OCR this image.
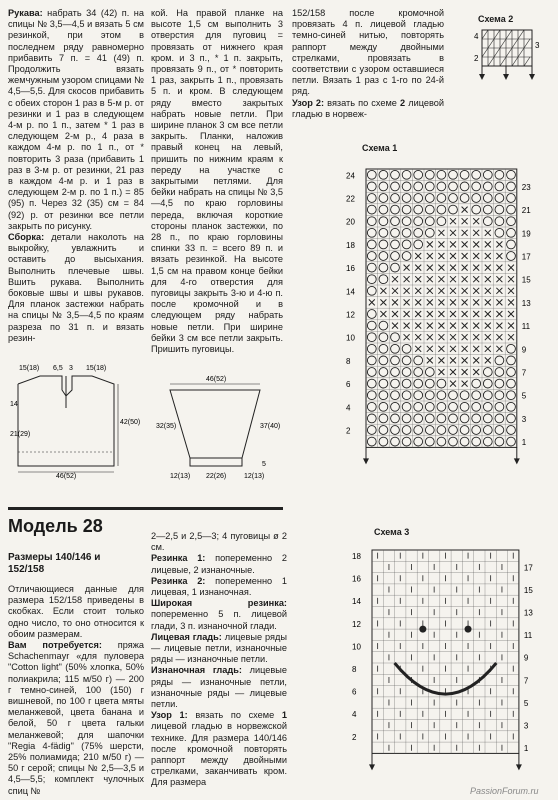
Рукава: набрать 34 (42) п. на спицы № 3,5—4,5 и вязать 5 см резинкой, при этом в последнем ряду равномерно прибавить 7 п. = 41 (49) п. Продолжить вязать жемчужным узором спицами № 4,5—5,5. Для скосов прибавить с обеих сторон 1 раз в 5-м р. от резинки и 1 раз в следующем 4-м р. по 1 п., затем * 1 раз в следующем 2-м р., 4 раза в каждом 4-м р. по 1 п., от * повторить 3 раза (прибавить 1 раз в 3-м р. от резинки, 21 раз в каждом 4-м р. и 1 раз в следующем 2-м р. по 1 п.) = 85 (95) п. Через 32 (35) см = 84 (92) р. от резинки все петли закрыть по рисунку.

Сборка: детали наколоть на выкройку, увлажнить и оставить до высыхания. Выполнить плечевые швы. Вшить рукава. Выполнить боковые швы и швы рукавов. Для планок застежки набрать на спицы № 3,5—4,5 по краям разреза по 31 п. и вязать резин-

кой. На правой планке на высоте 1,5 см выполнить 3 отверстия для пуговиц = провязать от нижнего края кром. и 3 п., * 1 п. закрыть, провязать 9 п., от * повторить 1 раз, закрыть 1 п., провязать 5 п. и кром. В следующем ряду вместо закрытых набрать новые петли. При ширине планок 3 см все петли закрыть. Планки, наложив правый конец на левый, пришить по нижним краям к переду на участке с закрытыми петлями. Для бейки набрать на спицы № 3,5—4,5 по краю горловины переда, включая короткие стороны планок застежки, по 28 п., по краю горловины спинки 33 п. = всего 89 п. и вязать резинкой. На высоте 1,5 см на правом конце бейки для 4-го отверстия для пуговицы закрыть 3-ю и 4-ю п. после кромочной и в следующем ряду набрать новые петли. При ширине бейки 3 см все петли закрыть. Пришить пуговицы.

152/158 после кромочной провязать 4 п. лицевой гладью темно-синей нитью, повторять раппорт между двойными стрелками, провязать в соответствии с узором оставшиеся петли. Вязать 1 раз с 1-го по 24-й ряд.

Узор 2: вязать по схеме 2 лицевой гладью в норвеж-

Схема 2
4
2
3
15(18) 6,5 3 15(18)
14
21(29)
42(50)
46(52)
46(52)
32(35)	37(40)
12(13) 22(26)	12(13)
5
Схема 1
2
4
6
8
10
12
14
16
18
20
22
24
1
3
5
7
9
11
13
15
17
19
21
23
Модель 28
Размеры 140/146 и 152/158

Отличающиеся данные для размера 152/158 приведены в скобках. Если стоит только одно число, то оно относится к обоим размерам.

Вам потребуется: пряжа Schachenmayr «для пуловера "Cotton light" (50% хлопка, 50% полиакрила; 115 м/50 г) — 200 г темно-синей, 100 (150) г вишневой, по 100 г цвета мяты меланжевой, цвета банана и белой, 50 г цвета гальки меланжевой; для шапочки "Regia 4-fädig" (75% шерсти, 25% полиамида; 210 м/50 г) — 50 г серой; спицы № 2,5—3,5 и 4,5—5,5; комплект чулочных спиц №

2—2,5 и 2,5—3; 4 пуговицы ø 2 см.

Резинка 1: попеременно 2 лицевые, 2 изнаночные.

Резинка 2: попеременно 1 лицевая, 1 изнаночная.

Широкая резинка: попеременно 5 п. лицевой глади, 3 п. изнаночной глади.

Лицевая гладь: лицевые ряды — лицевые петли, изнаночные ряды — изнаночные петли.

Изнаночная гладь: лицевые ряды — изнаночные петли, изнаночные ряды — лицевые петли.

Узор 1: вязать по схеме 1 лицевой гладью в норвежской технике. Для размера 140/146 после кромочной повторять раппорт между двойными стрелками, заканчивать кром. Для размера

Схема 3
2
4
6
8
10
12
14
16
18
1
3
5
7
9
11
13
15
17
PassionForum.ru
